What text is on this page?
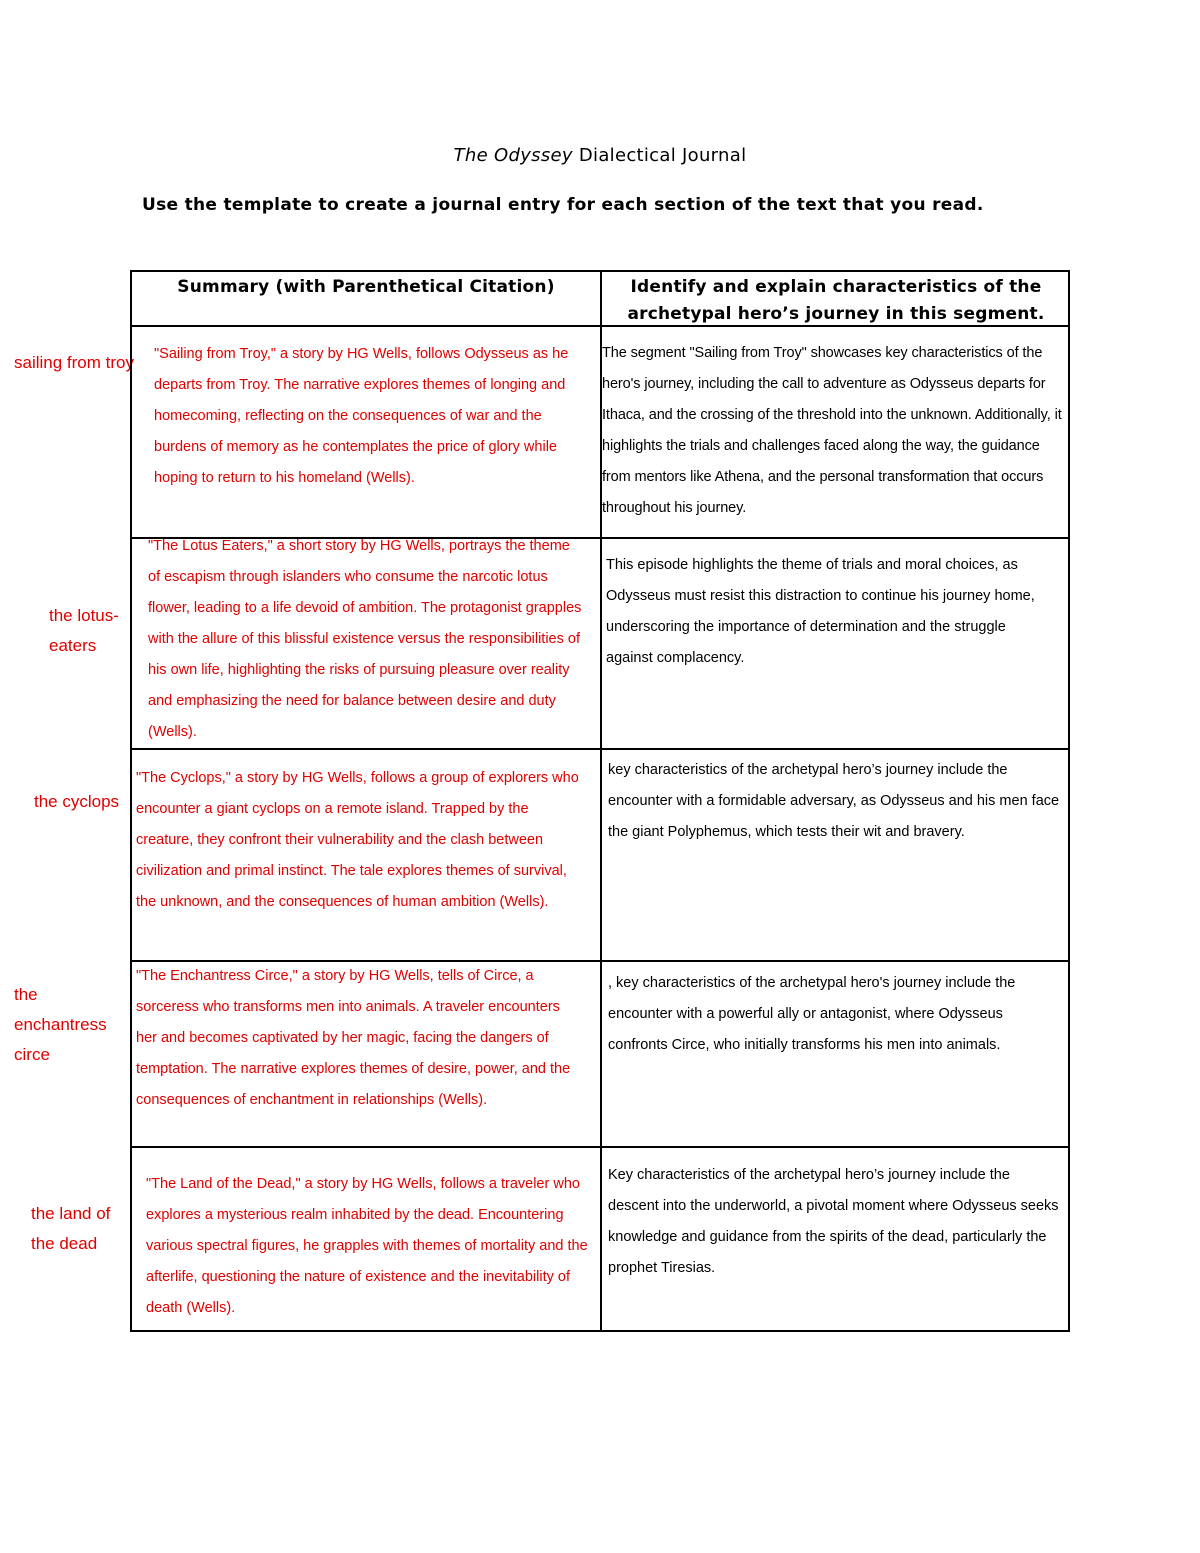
The Odyssey Dialectical Journal
Use the template to create a journal entry for each section of the text that you read.
sailing from troy
the lotus-eaters
the cyclops
the enchantress circe
the land of the dead
Summary (with Parenthetical Citation)	Identify and explain characteristics of the
archetypal hero’s journey in this segment.
"Sailing from Troy," a story by HG Wells, follows Odysseus as he departs from Troy. The narrative explores themes of longing and homecoming, reflecting on the consequences of war and the burdens of memory as he contemplates the price of glory while hoping to return to his homeland (Wells).
The segment "Sailing from Troy" showcases key characteristics of the hero's journey, including the call to adventure as Odysseus departs for Ithaca, and the crossing of the threshold into the unknown. Additionally, it highlights the trials and challenges faced along the way, the guidance from mentors like Athena, and the personal transformation that occurs throughout his journey.
"The Lotus Eaters," a short story by HG Wells, portrays the theme of escapism through islanders who consume the narcotic lotus flower, leading to a life devoid of ambition. The protagonist grapples with the allure of this blissful existence versus the responsibilities of his own life, highlighting the risks of pursuing pleasure over reality and emphasizing the need for balance between desire and duty (Wells).
This episode highlights the theme of trials and moral choices, as Odysseus must resist this distraction to continue his journey home, underscoring the importance of determination and the struggle against complacency.
"The Cyclops," a story by HG Wells, follows a group of explorers who encounter a giant cyclops on a remote island. Trapped by the creature, they confront their vulnerability and the clash between civilization and primal instinct. The tale explores themes of survival, the unknown, and the consequences of human ambition (Wells).
key characteristics of the archetypal hero’s journey include the encounter with a formidable adversary, as Odysseus and his men face the giant Polyphemus, which tests their wit and bravery.
"The Enchantress Circe," a story by HG Wells, tells of Circe, a sorceress who transforms men into animals. A traveler encounters her and becomes captivated by her magic, facing the dangers of temptation. The narrative explores themes of desire, power, and the consequences of enchantment in relationships (Wells).
, key characteristics of the archetypal hero's journey include the encounter with a powerful ally or antagonist, where Odysseus confronts Circe, who initially transforms his men into animals.
"The Land of the Dead," a story by HG Wells, follows a traveler who explores a mysterious realm inhabited by the dead. Encountering various spectral figures, he grapples with themes of mortality and the afterlife, questioning the nature of existence and the inevitability of death (Wells).
Key characteristics of the archetypal hero’s journey include the descent into the underworld, a pivotal moment where Odysseus seeks knowledge and guidance from the spirits of the dead, particularly the prophet Tiresias.
